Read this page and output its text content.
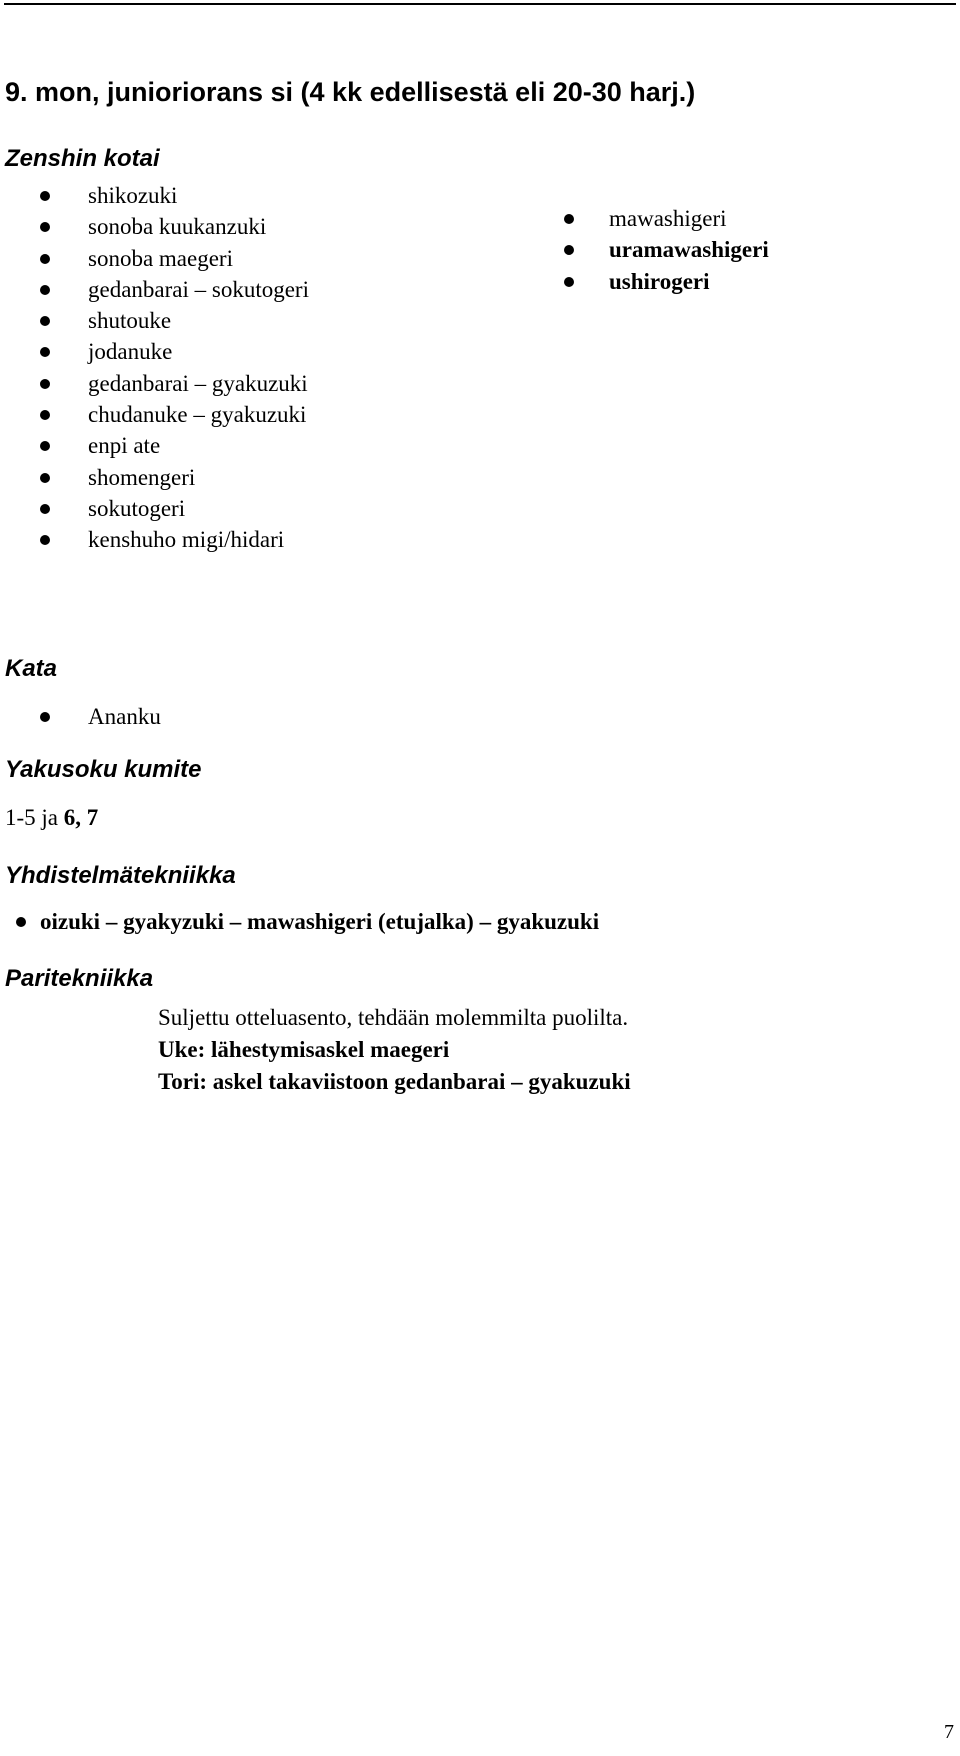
9. mon, junioriorans si (4 kk edellisestä eli 20-30 harj.)
Zenshin kotai
shikozuki
sonoba kuukanzuki
sonoba maegeri
gedanbarai – sokutogeri
shutouke
jodanuke
gedanbarai – gyakuzuki
chudanuke – gyakuzuki
enpi ate
shomengeri
sokutogeri
kenshuho migi/hidari
mawashigeri
uramawashigeri
ushirogeri
Kata
Ananku
Yakusoku kumite
1-5 ja 6, 7
Yhdistelmätekniikka
oizuki – gyakyzuki – mawashigeri (etujalka) – gyakuzuki
Paritekniikka
Suljettu otteluasento, tehdään molemmilta puolilta.
Uke: lähestymisaskel maegeri
Tori: askel takaviistoon gedanbarai – gyakuzuki
7
